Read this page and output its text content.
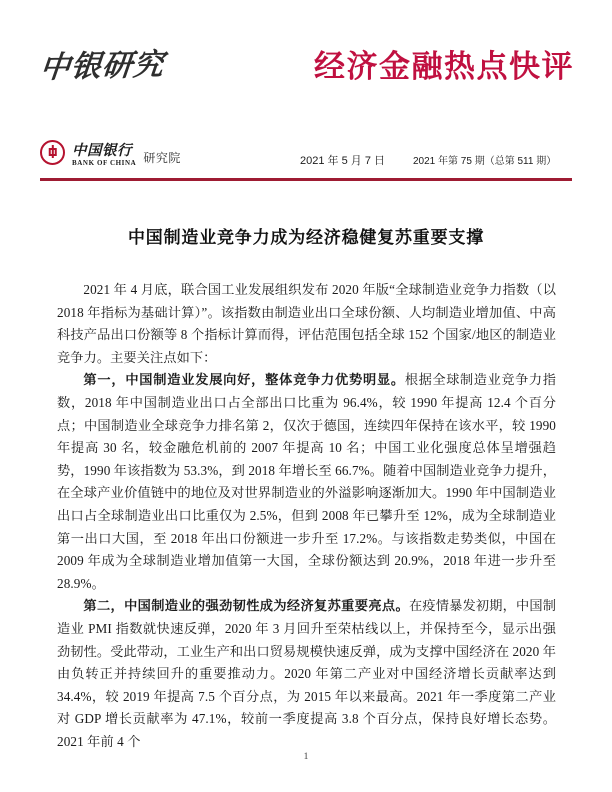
中银研究	经济金融热点快评
中国银行
BANK OF CHINA 研究院	2021 年 5 月 7 日	2021 年第 75 期（总第 511 期）
中国制造业竞争力成为经济稳健复苏重要支撑

2021 年 4 月底，联合国工业发展组织发布 2020 年版“全球制造业竞争力指数（以 2018 年指标为基础计算）”。该指数由制造业出口全球份额、人均制造业增加值、中高科技产品出口份额等 8 个指标计算而得，评估范围包括全球 152 个国家/地区的制造业竞争力。主要关注点如下：

第一，中国制造业发展向好，整体竞争力优势明显。根据全球制造业竞争力指数，2018 年中国制造业出口占全部出口比重为 96.4%，较 1990 年提高 12.4 个百分点；中国制造业全球竞争力排名第 2，仅次于德国，连续四年保持在该水平，较 1990 年提高 30 名，较金融危机前的 2007 年提高 10 名；中国工业化强度总体呈增强趋势，1990 年该指数为 53.3%，到 2018 年增长至 66.7%。随着中国制造业竞争力提升，在全球产业价值链中的地位及对世界制造业的外溢影响逐渐加大。1990 年中国制造业出口占全球制造业出口比重仅为 2.5%，但到 2008 年已攀升至 12%，成为全球制造业第一出口大国，至 2018 年出口份额进一步升至 17.2%。与该指数走势类似，中国在 2009 年成为全球制造业增加值第一大国，全球份额达到 20.9%，2018 年进一步升至 28.9%。

第二，中国制造业的强劲韧性成为经济复苏重要亮点。在疫情暴发初期，中国制造业 PMI 指数就快速反弹，2020 年 3 月回升至荣枯线以上，并保持至今，显示出强劲韧性。受此带动，工业生产和出口贸易规模快速反弹，成为支撑中国经济在 2020 年由负转正并持续回升的重要推动力。2020 年第二产业对中国经济增长贡献率达到 34.4%，较 2019 年提高 7.5 个百分点，为 2015 年以来最高。2021 年一季度第二产业对 GDP 增长贡献率为 47.1%，较前一季度提高 3.8 个百分点，保持良好增长态势。2021 年前 4 个

1
